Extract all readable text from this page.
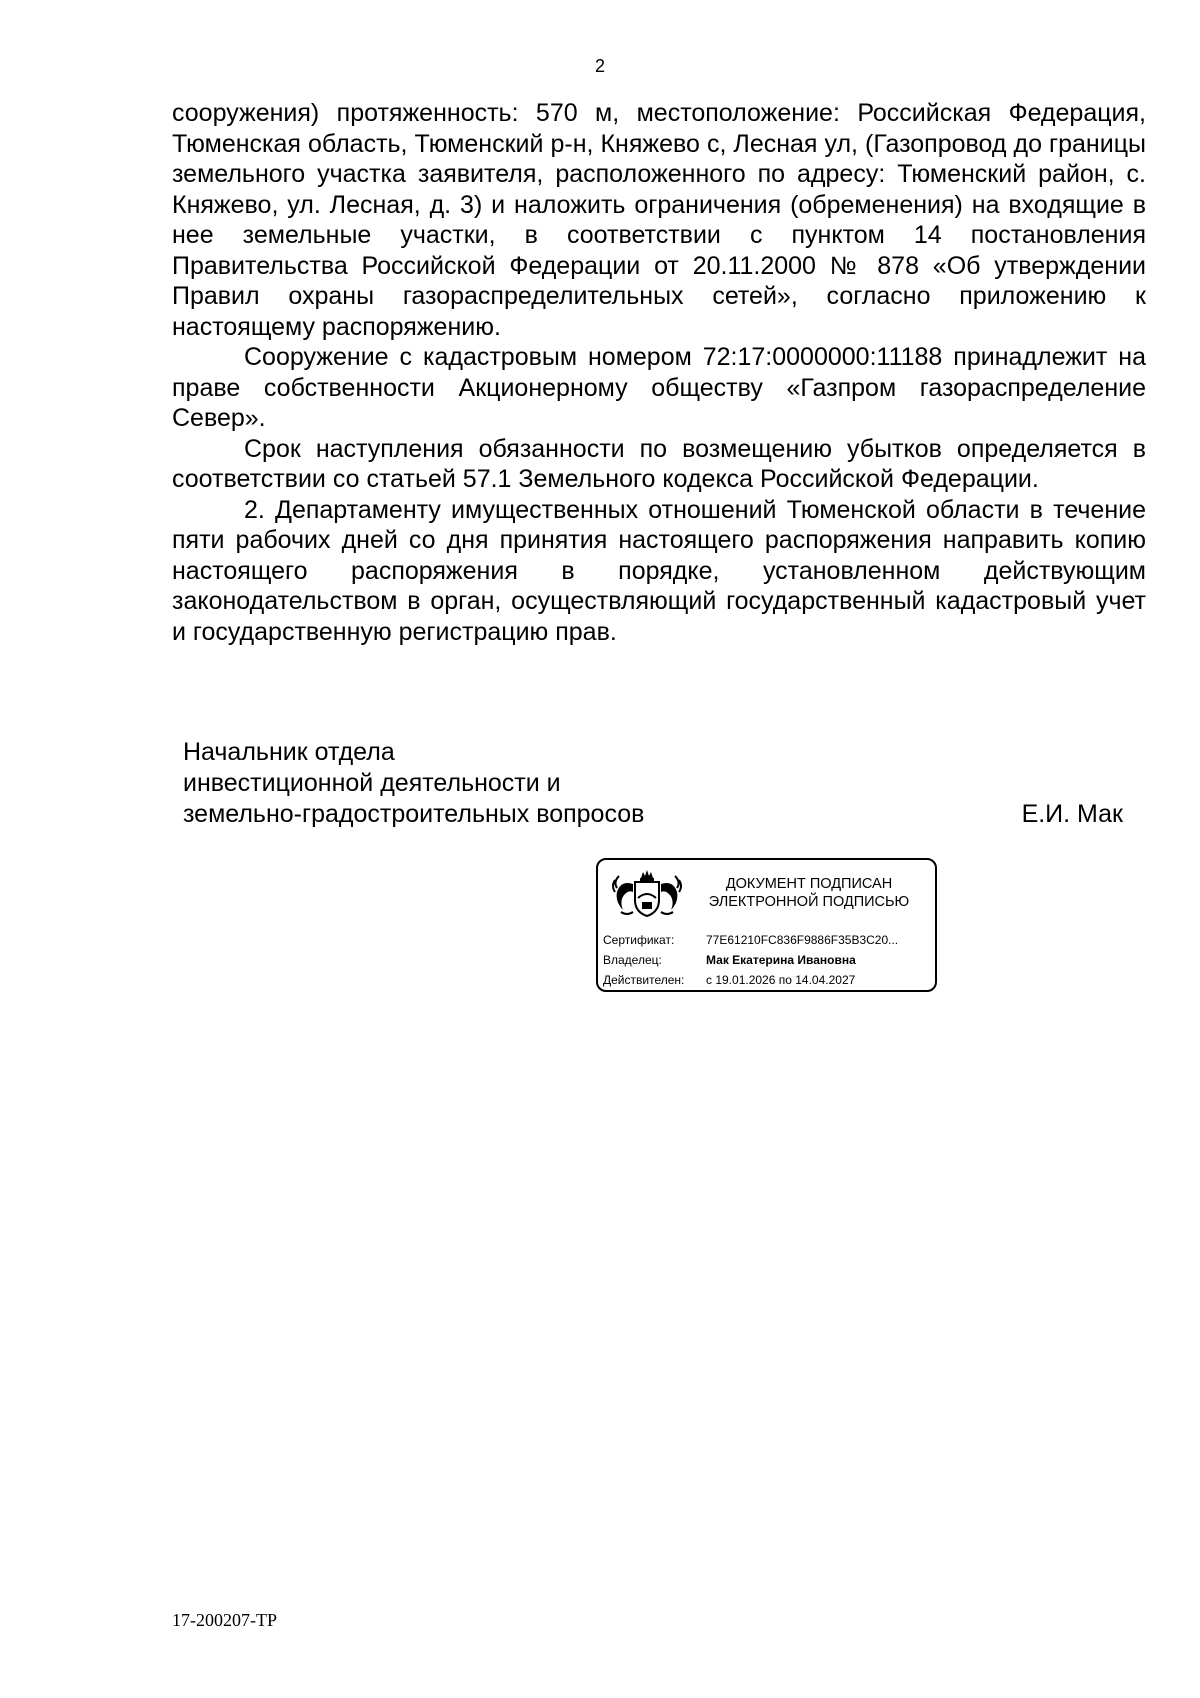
2

сооружения) протяженность: 570 м, местоположение: Российская Федерация, Тюменская область, Тюменский р-н, Княжево с, Лесная ул, (Газопровод до границы земельного участка заявителя, расположенного по адресу: Тюменский район, с. Княжево, ул. Лесная, д. 3) и наложить ограничения (обременения) на входящие в нее земельные участки, в соответствии с пунктом 14 постановления Правительства Российской Федерации от 20.11.2000 № 878 «Об утверждении Правил охраны газораспределительных сетей», согласно приложению к настоящему распоряжению.

Сооружение с кадастровым номером 72:17:0000000:11188 принадлежит на праве собственности Акционерному обществу «Газпром газораспределение Север».

Срок наступления обязанности по возмещению убытков определяется в соответствии со статьей 57.1 Земельного кодекса Российской Федерации.

2. Департаменту имущественных отношений Тюменской области в течение пяти рабочих дней со дня принятия настоящего распоряжения направить копию настоящего распоряжения в порядке, установленном действующим законодательством в орган, осуществляющий государственный кадастровый учет и государственную регистрацию прав.

Начальник отдела
инвестиционной деятельности и
земельно-градостроительных вопросов	Е.И. Мак
ДОКУМЕНТ ПОДПИСАН
ЭЛЕКТРОННОЙ ПОДПИСЬЮ
Сертификат:	77E61210FC836F9886F35B3C20...
Владелец:	Мак Екатерина Ивановна
Действителен:	с 19.01.2026 по 14.04.2027
17-200207-ТР
